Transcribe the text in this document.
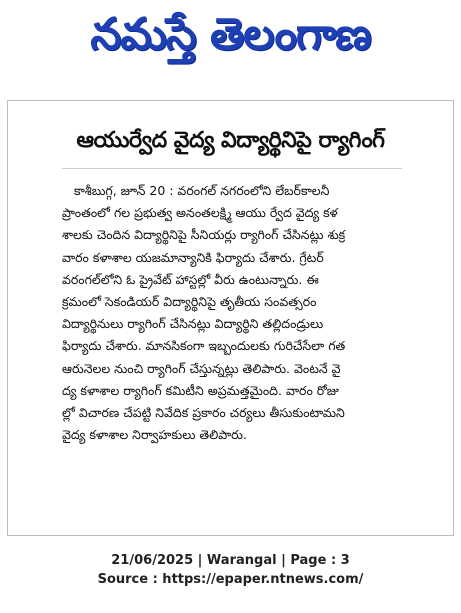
నమస్తే తెలంగాణ
ఆయుర్వేద వైద్య విద్యార్థినిపై ర్యాగింగ్
కాశీబుగ్గ, జూన్ 20 : వరంగల్ నగరంలోని లేబర్‌కాలనీ
ప్రాంతంలో గల ప్రభుత్వ అనంతలక్ష్మి ఆయు ర్వేద వైద్య కళ
శాలకు చెందిన విద్యార్థినిపై సీనియర్లు ర్యాగింగ్ చేసినట్లు శుక్ర
వారం కళాశాల యజమాన్యానికి ఫిర్యాదు చేశారు. గ్రేటర్
వరంగల్‌లోని ఓ ప్రైవేట్ హాస్టల్లో వీరు ఉంటున్నారు. ఈ
క్రమంలో సెకండియర్ విద్యార్థినిపై తృతీయ సంవత్సరం
విద్యార్థినులు ర్యాగింగ్ చేసినట్లు విద్యార్థిని తల్లిదండ్రులు
ఫిర్యాదు చేశారు. మానసికంగా ఇబ్బందులకు గురిచేసేలా గత
ఆరునెలల నుంచి ర్యాగింగ్ చేస్తున్నట్లు తెలిపారు. వెంటనే వై
ద్య కళాశాల ర్యాగింగ్ కమిటీని అప్రమత్తమైంది. వారం రోజు
ల్లో విచారణ చేపట్టి నివేదిక ప్రకారం చర్యలు తీసుకుంటామని
వైద్య కళాశాల నిర్వాహకులు తెలిపారు.
21/06/2025 | Warangal | Page : 3
Source : https://epaper.ntnews.com/
